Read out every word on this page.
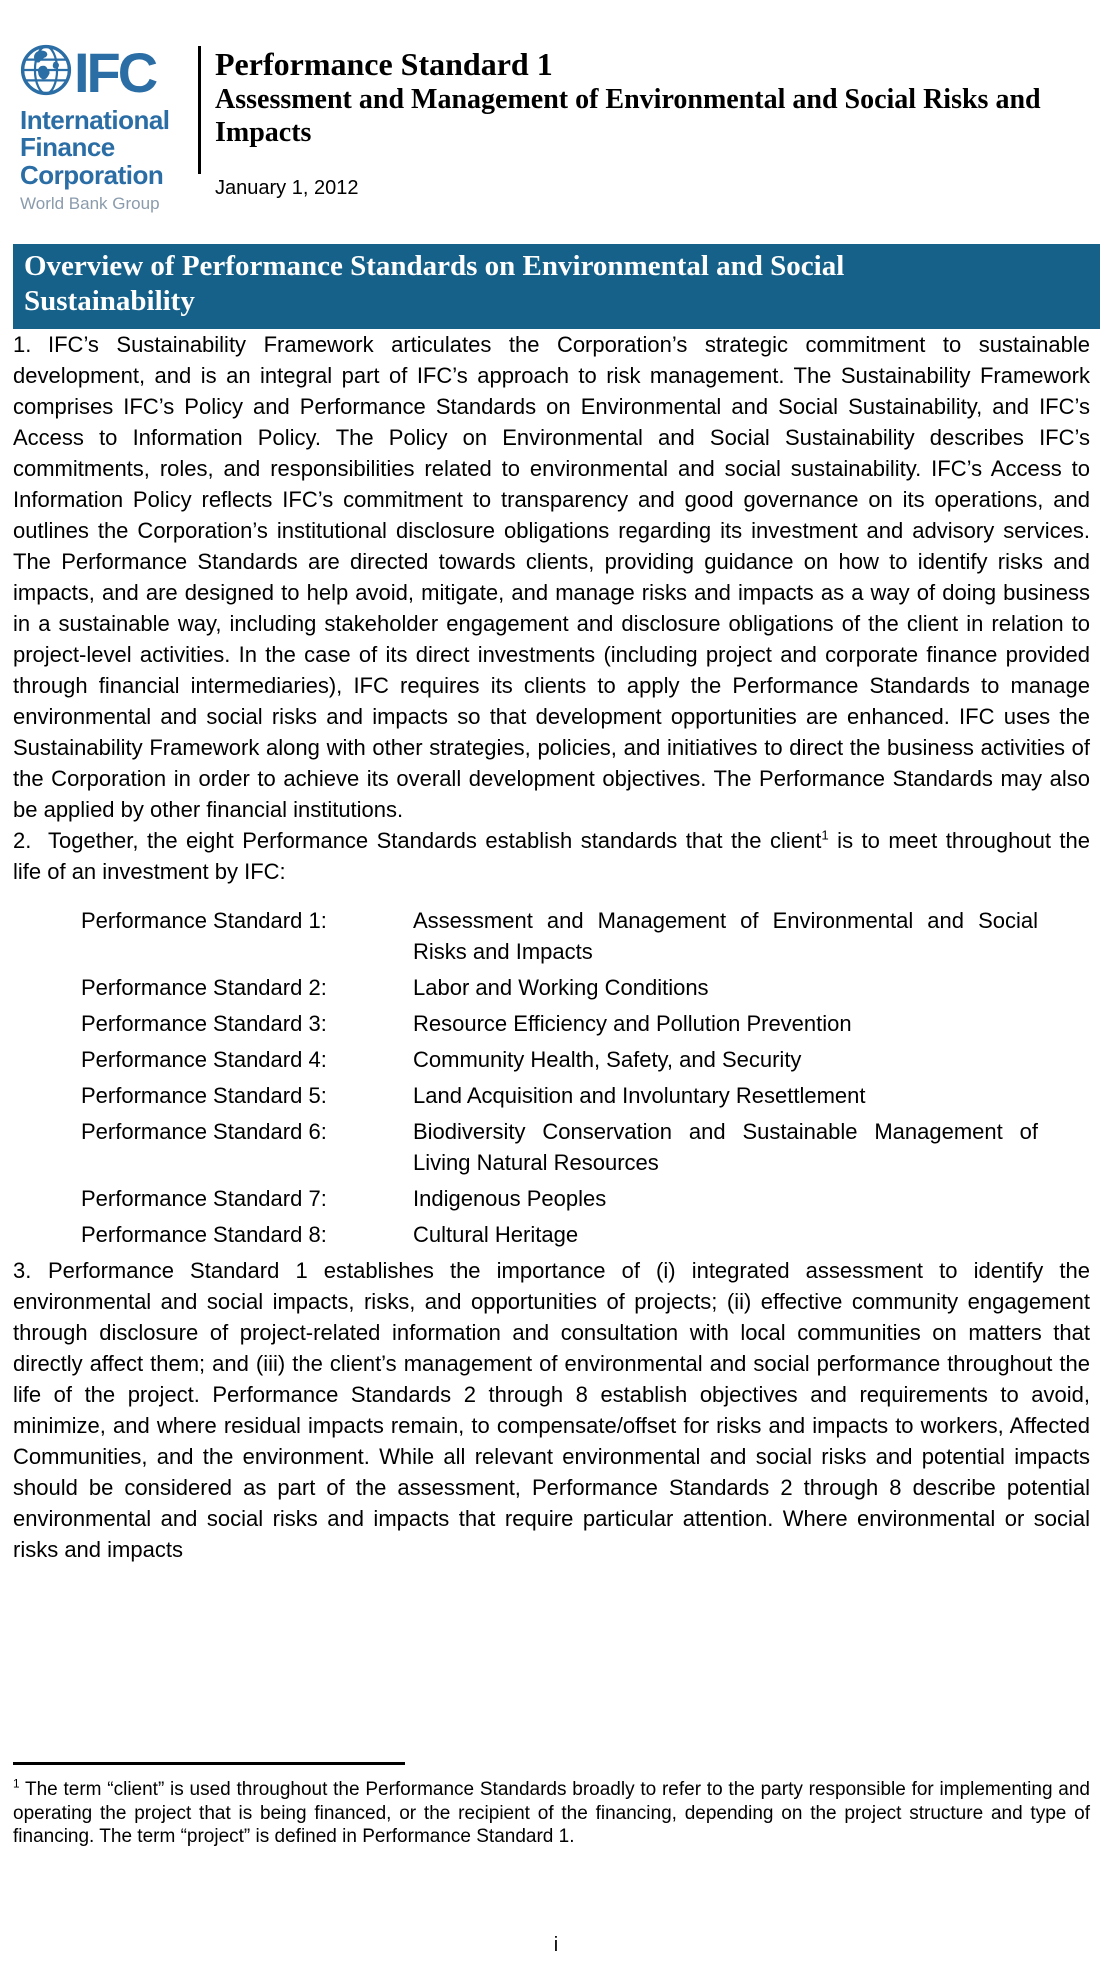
IFC
International
Finance
Corporation
World Bank Group
Performance Standard 1
Assessment and Management of Environmental and Social Risks and Impacts
January 1, 2012
Overview of Performance Standards on Environmental and Social
Sustainability

1. IFC’s Sustainability Framework articulates the Corporation’s strategic commitment to sustainable development, and is an integral part of IFC’s approach to risk management. The Sustainability Framework comprises IFC’s Policy and Performance Standards on Environmental and Social Sustainability, and IFC’s Access to Information Policy. The Policy on Environmental and Social Sustainability describes IFC’s commitments, roles, and responsibilities related to environmental and social sustainability. IFC’s Access to Information Policy reflects IFC’s commitment to transparency and good governance on its operations, and outlines the Corporation’s institutional disclosure obligations regarding its investment and advisory services. The Performance Standards are directed towards clients, providing guidance on how to identify risks and impacts, and are designed to help avoid, mitigate, and manage risks and impacts as a way of doing business in a sustainable way, including stakeholder engagement and disclosure obligations of the client in relation to project-level activities. In the case of its direct investments (including project and corporate finance provided through financial intermediaries), IFC requires its clients to apply the Performance Standards to manage environmental and social risks and impacts so that development opportunities are enhanced. IFC uses the Sustainability Framework along with other strategies, policies, and initiatives to direct the business activities of the Corporation in order to achieve its overall development objectives. The Performance Standards may also be applied by other financial institutions.

2. Together, the eight Performance Standards establish standards that the client$^1$ is to meet throughout the life of an investment by IFC:

Performance Standard 1:	Assessment and Management of Environmental and Social Risks and Impacts
Performance Standard 2:	Labor and Working Conditions
Performance Standard 3:	Resource Efficiency and Pollution Prevention
Performance Standard 4:	Community Health, Safety, and Security
Performance Standard 5:	Land Acquisition and Involuntary Resettlement
Performance Standard 6:	Biodiversity Conservation and Sustainable Management of Living Natural Resources
Performance Standard 7:	Indigenous Peoples
Performance Standard 8:	Cultural Heritage

3. Performance Standard 1 establishes the importance of (i) integrated assessment to identify the environmental and social impacts, risks, and opportunities of projects; (ii) effective community engagement through disclosure of project-related information and consultation with local communities on matters that directly affect them; and (iii) the client’s management of environmental and social performance throughout the life of the project. Performance Standards 2 through 8 establish objectives and requirements to avoid, minimize, and where residual impacts remain, to compensate/offset for risks and impacts to workers, Affected Communities, and the environment. While all relevant environmental and social risks and potential impacts should be considered as part of the assessment, Performance Standards 2 through 8 describe potential environmental and social risks and impacts that require particular attention. Where environmental or social risks and impacts

$^1$ The term “client” is used throughout the Performance Standards broadly to refer to the party responsible for implementing and operating the project that is being financed, or the recipient of the financing, depending on the project structure and type of financing. The term “project” is defined in Performance Standard 1.
i
